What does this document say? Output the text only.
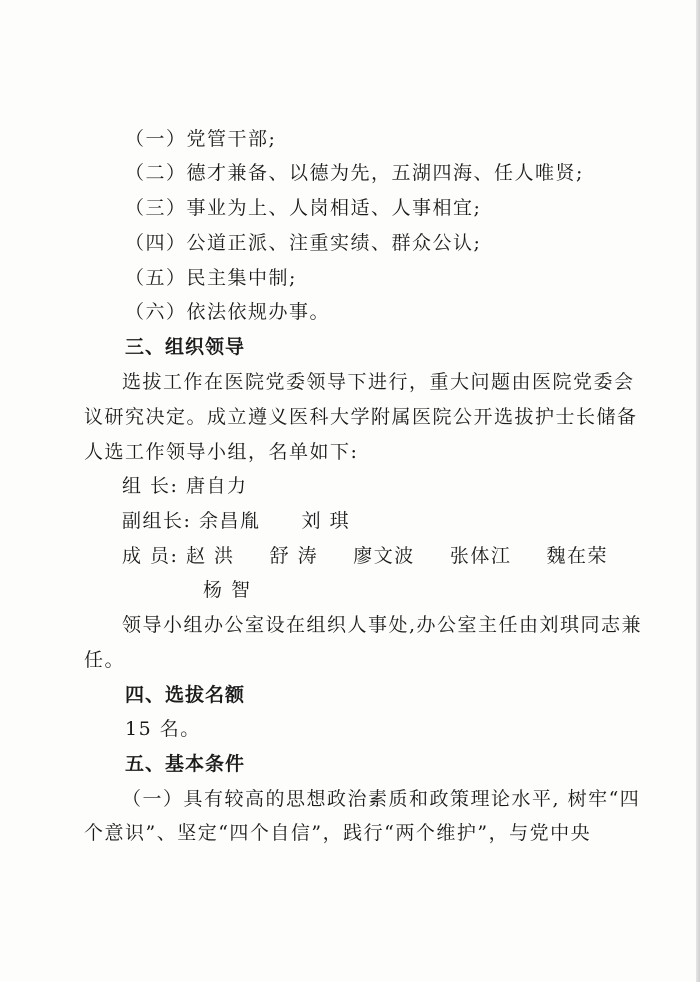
（一）党管干部;
（二）德才兼备、以德为先，五湖四海、任人唯贤;
（三）事业为上、人岗相适、人事相宜;
（四）公道正派、注重实绩、群众公认;
（五）民主集中制;
（六）依法依规办事。
三、组织领导
选拔工作在医院党委领导下进行，重大问题由医院党委会
议研究决定。成立遵义医科大学附属医院公开选拔护士长储备
人选工作领导小组，名单如下:
组 长: 唐自力
副组长: 余昌胤 刘 琪
成 员: 赵 洪 舒 涛 廖文波 张体江 魏在荣
杨 智
领导小组办公室设在组织人事处,办公室主任由刘琪同志兼
任。
四、选拔名额
15 名。
五、基本条件
（一）具有较高的思想政治素质和政策理论水平, 树牢“四
个意识”、坚定“四个自信”，践行“两个维护”，与党中央
